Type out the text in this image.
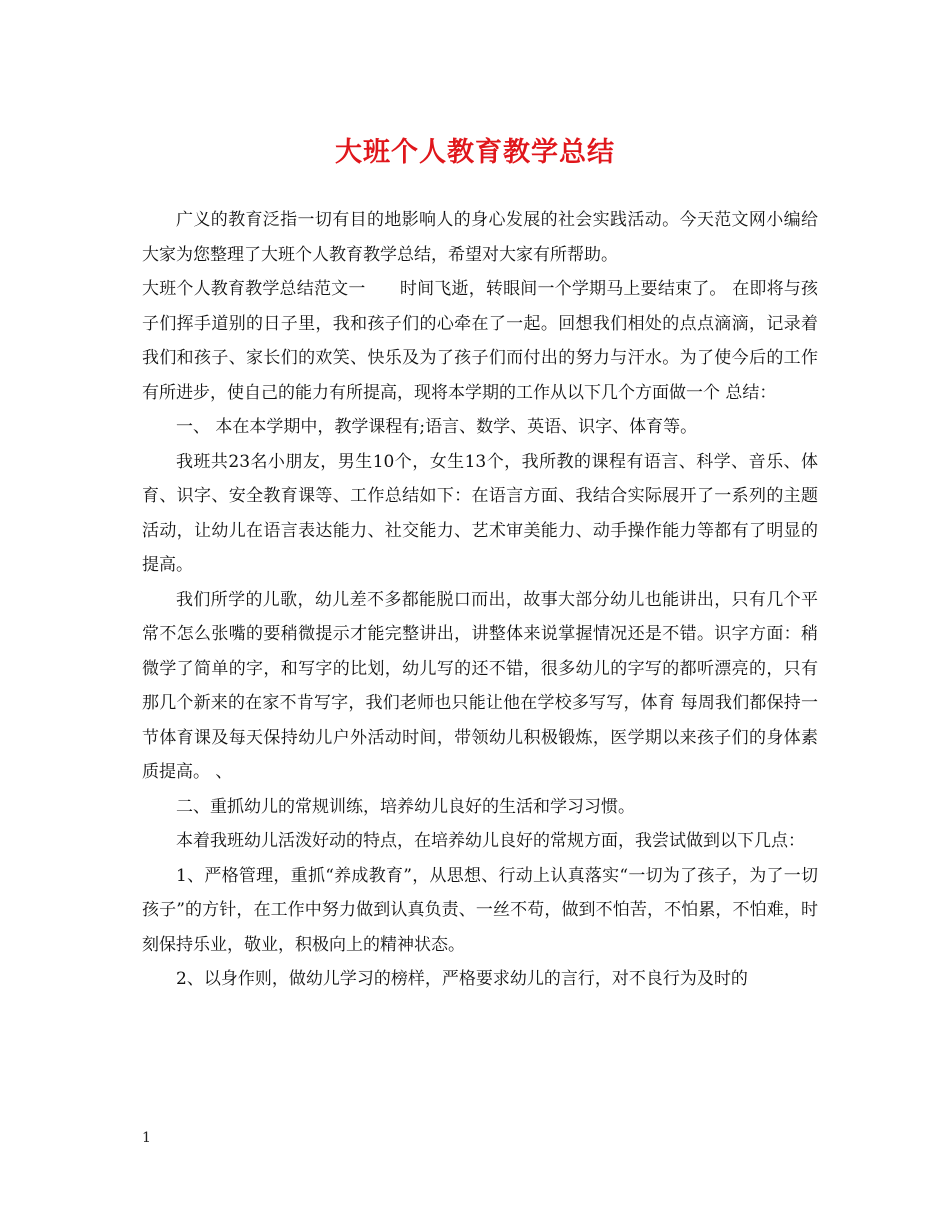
大班个人教育教学总结

广义的教育泛指一切有目的地影响人的身心发展的社会实践活动。今天范文网小编给大家为您整理了大班个人教育教学总结，希望对大家有所帮助。

大班个人教育教学总结范文一　　时间飞逝，转眼间一个学期马上要结束了。 在即将与孩子们挥手道别的日子里，我和孩子们的心牵在了一起。回想我们相处的点点滴滴，记录着我们和孩子、家长们的欢笑、快乐及为了孩子们而付出的努力与汗水。为了使今后的工作有所进步，使自己的能力有所提高，现将本学期的工作从以下几个方面做一个 总结：

一、 本在本学期中，教学课程有;语言、数学、英语、识字、体育等。

我班共23名小朋友，男生10个，女生13个，我所教的课程有语言、科学、音乐、体育、识字、安全教育课等、工作总结如下：在语言方面、我结合实际展开了一系列的主题活动，让幼儿在语言表达能力、社交能力、艺术审美能力、动手操作能力等都有了明显的提高。

我们所学的儿歌，幼儿差不多都能脱口而出，故事大部分幼儿也能讲出，只有几个平常不怎么张嘴的要稍微提示才能完整讲出，讲整体来说掌握情况还是不错。识字方面：稍微学了简单的字，和写字的比划，幼儿写的还不错，很多幼儿的字写的都听漂亮的，只有那几个新来的在家不肯写字，我们老师也只能让他在学校多写写，体育 每周我们都保持一节体育课及每天保持幼儿户外活动时间，带领幼儿积极锻炼，医学期以来孩子们的身体素质提高。 、

二、重抓幼儿的常规训练，培养幼儿良好的生活和学习习惯。

本着我班幼儿活泼好动的特点，在培养幼儿良好的常规方面，我尝试做到以下几点：

1、严格管理，重抓“养成教育”，从思想、行动上认真落实“一切为了孩子，为了一切孩子”的方针，在工作中努力做到认真负责、一丝不苟，做到不怕苦，不怕累，不怕难，时刻保持乐业，敬业，积极向上的精神状态。

2、以身作则，做幼儿学习的榜样，严格要求幼儿的言行，对不良行为及时的

1
